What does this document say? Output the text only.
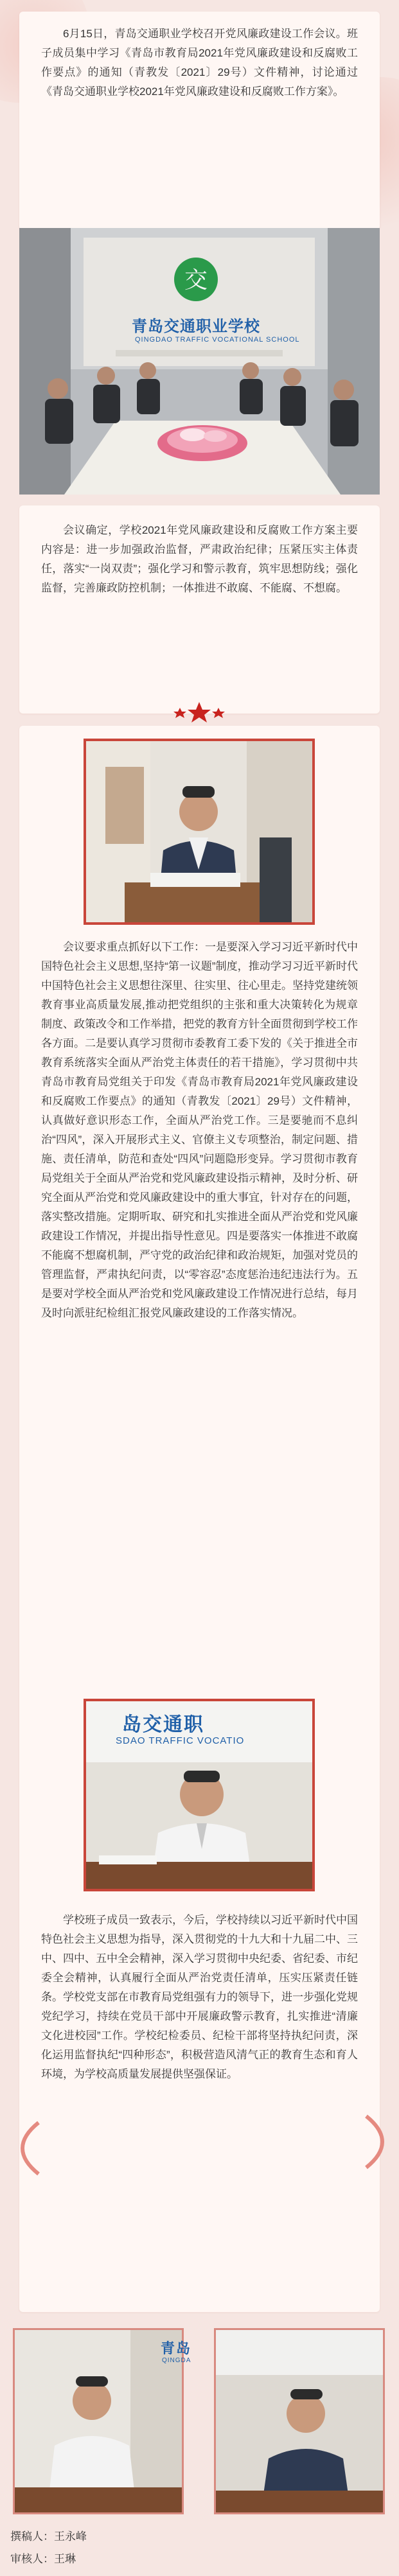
6月15日，青岛交通职业学校召开党风廉政建设工作会议。班子成员集中学习《青岛市教育局2021年党风廉政建设和反腐败工作要点》的通知（青教发〔2021〕29号）文件精神，讨论通过《青岛交通职业学校2021年党风廉政建设和反腐败工作方案》。

交
青岛交通职业学校
QINGDAO TRAFFIC VOCATIONAL SCHOOL

会议确定，学校2021年党风廉政建设和反腐败工作方案主要内容是：进一步加强政治监督，严肃政治纪律；压紧压实主体责任，落实“一岗双责”；强化学习和警示教育，筑牢思想防线；强化监督，完善廉政防控机制；一体推进不敢腐、不能腐、不想腐。

会议要求重点抓好以下工作：一是要深入学习习近平新时代中国特色社会主义思想,坚持“第一议题”制度，推动学习习近平新时代中国特色社会主义思想往深里、往实里、往心里走。坚持党建统领教育事业高质量发展,推动把党组织的主张和重大决策转化为规章制度、政策改令和工作举措，把党的教育方针全面贯彻到学校工作各方面。二是要认真学习贯彻市委教育工委下发的《关于推进全市教育系统落实全面从严治党主体责任的若干措施》，学习贯彻中共青岛市教育局党组关于印发《青岛市教育局2021年党风廉政建设和反腐败工作要点》的通知（青教发〔2021〕29号）文件精神，认真做好意识形态工作，全面从严治党工作。三是要驰而不息纠治“四风”，深入开展形式主义、官僚主义专项整治，制定问题、措施、责任清单，防范和查处“四风”问题隐形变异。学习贯彻市教育局党组关于全面从严治党和党风廉政建设指示精神，及时分析、研究全面从严治党和党风廉政建设中的重大事宜，针对存在的问题，落实整改措施。定期听取、研究和扎实推进全面从严治党和党风廉政建设工作情况，并提出指导性意见。四是要落实一体推进不敢腐不能腐不想腐机制，严守党的政治纪律和政治规矩，加强对党员的管理监督，严肃执纪问责，以“零容忍”态度惩治违纪违法行为。五是要对学校全面从严治党和党风廉政建设工作情况进行总结，每月及时向派驻纪检组汇报党风廉政建设的工作落实情况。

岛交通职
SDAO TRAFFIC VOCATIO

学校班子成员一致表示，今后，学校持续以习近平新时代中国特色社会主义思想为指导，深入贯彻党的十九大和十九届二中、三中、四中、五中全会精神，深入学习贯彻中央纪委、省纪委、市纪委全会精神，认真履行全面从严治党责任清单，压实压紧责任链条。学校党支部在市教育局党组强有力的领导下，进一步强化党规党纪学习，持续在党员干部中开展廉政警示教育，扎实推进“清廉文化进校园”工作。学校纪检委员、纪检干部将坚持执纪问责，深化运用监督执纪“四种形态”，积极营造风清气正的教育生态和育人环境，为学校高质量发展提供坚强保证。

青岛
QINGDA
撰稿人：王永峰
审核人：王琳
